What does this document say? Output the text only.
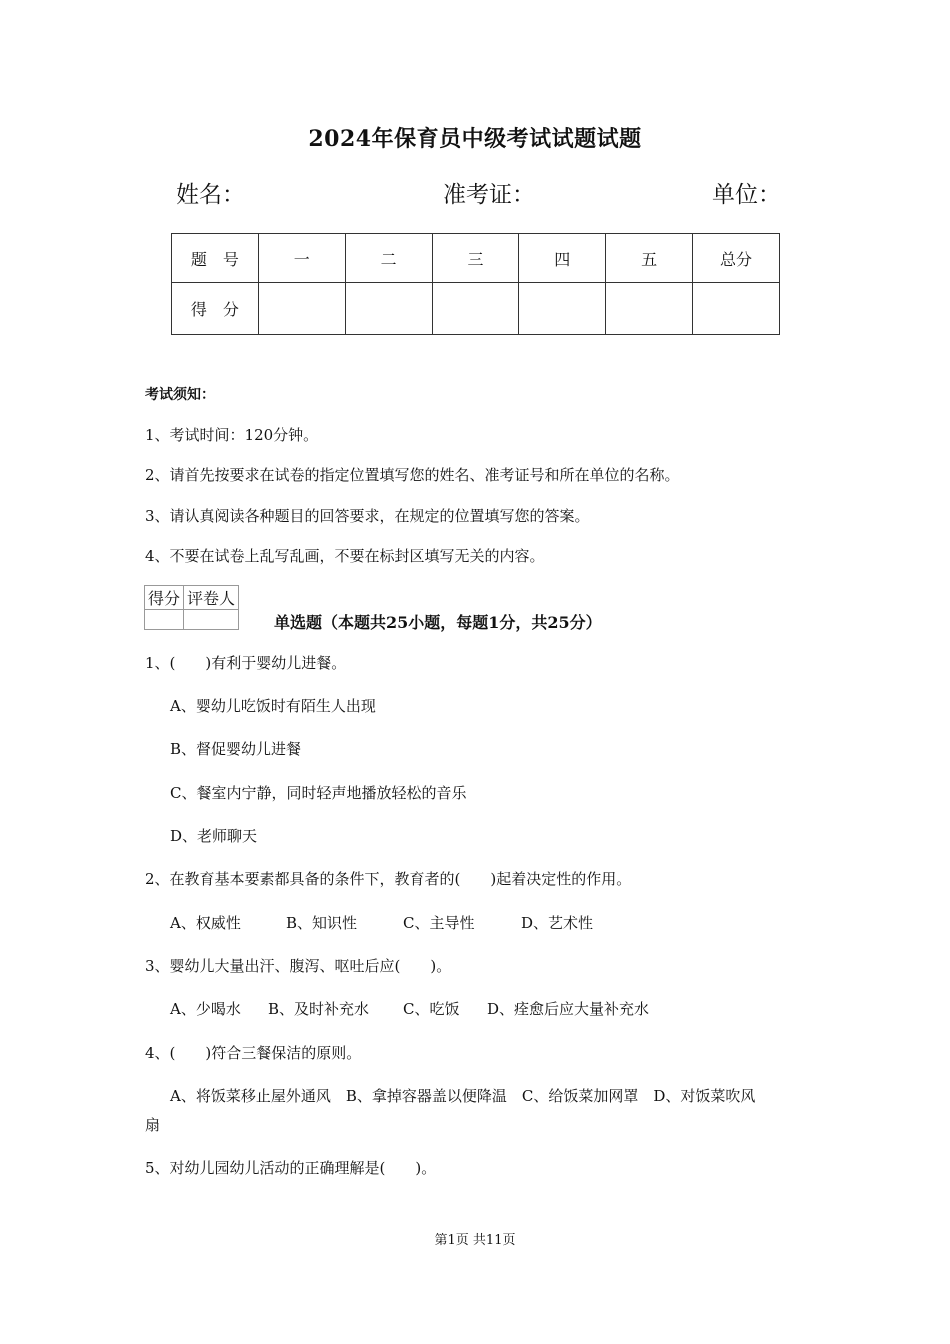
2024年保育员中级考试试题试题
姓名：	准考证：	单位：
题　号	一	二	三	四	五	总分
得　分						
考试须知：
1、考试时间：120分钟。
2、请首先按要求在试卷的指定位置填写您的姓名、准考证号和所在单位的名称。
3、请认真阅读各种题目的回答要求，在规定的位置填写您的答案。
4、不要在试卷上乱写乱画，不要在标封区填写无关的内容。
得分	评卷人

单选题（本题共25小题，每题1分，共25分）
1、(　　)有利于婴幼儿进餐。
A、婴幼儿吃饭时有陌生人出现
B、督促婴幼儿进餐
C、餐室内宁静，同时轻声地播放轻松的音乐
D、老师聊天
2、在教育基本要素都具备的条件下，教育者的(　　)起着决定性的作用。
A、权威性	B、知识性	C、主导性	D、艺术性
3、婴幼儿大量出汗、腹泻、呕吐后应(　　)。
A、少喝水 B、及时补充水 C、吃饭 D、痊愈后应大量补充水
4、(　　)符合三餐保洁的原则。
A、将饭菜移止屋外通风　B、拿掉容器盖以便降温　C、给饭菜加网罩　D、对饭菜吹风
扇
5、对幼儿园幼儿活动的正确理解是(　　)。
第1页 共11页
